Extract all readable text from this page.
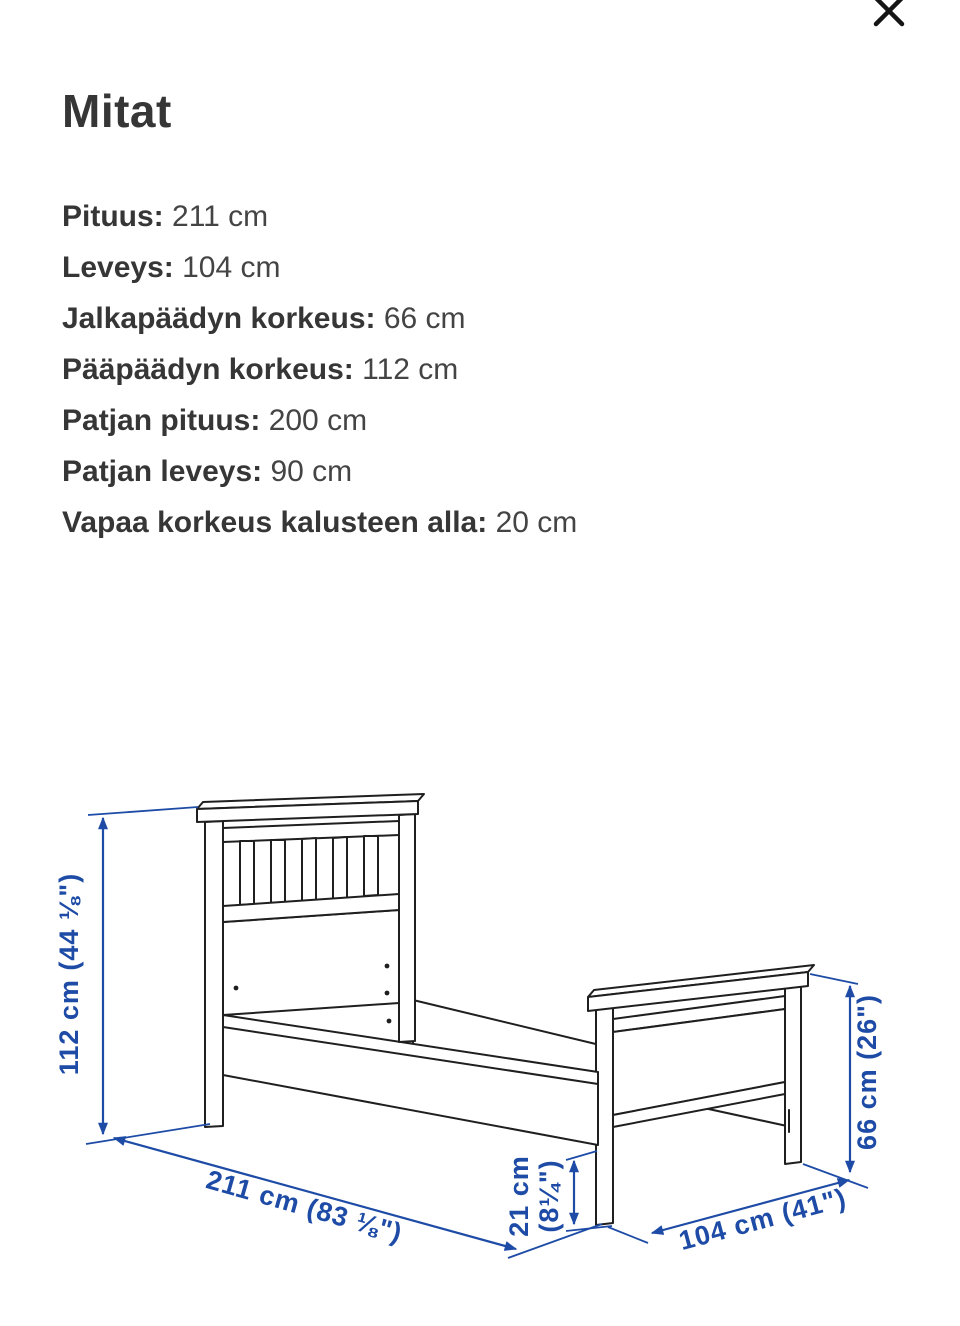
Mitat
Pituus: 211 cm
Leveys: 104 cm
Jalkapäädyn korkeus: 66 cm
Pääpäädyn korkeus: 112 cm
Patjan pituus: 200 cm
Patjan leveys: 90 cm
Vapaa korkeus kalusteen alla: 20 cm
112 cm (44 ⅛")
211 cm (83 ⅛")	21 cm (8¼")	104 cm (41")
66 cm (26")
